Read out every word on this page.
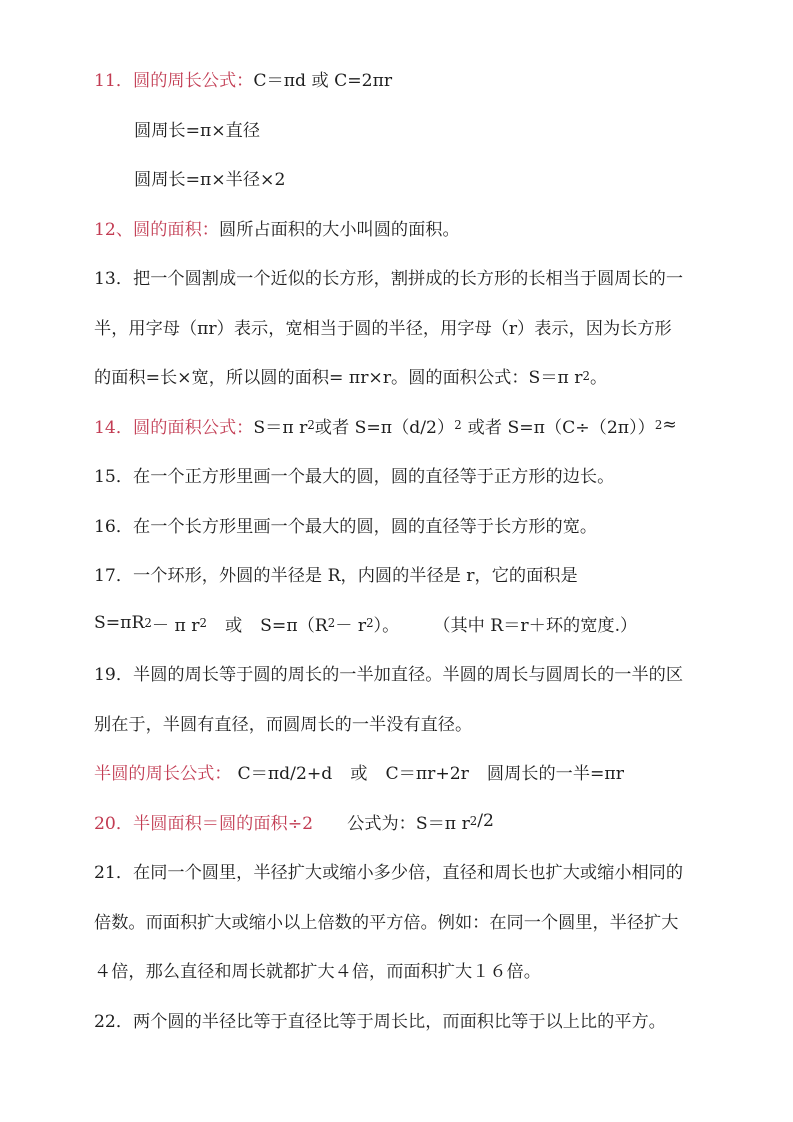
11．圆的周长公式： C＝πd 或 C=2πr
圆周长=π×直径
圆周长=π×半径×2
12、圆的面积： 圆所占面积的大小叫圆的面积。
13．把一个圆割成一个近似的长方形，割拼成的长方形的长相当于圆周长的一
半，用字母（πr）表示，宽相当于圆的半径，用字母（r）表示，因为长方形
的面积=长×宽，所以圆的面积= πr×r。圆的面积公式：S＝π r 2 。
14．圆的面积公式： S＝π r 2 或者 S=π（d/2） 2 或者 S=π（C÷（2π）） 2 ≈
15．在一个正方形里画一个最大的圆，圆的直径等于正方形的边长。
16．在一个长方形里画一个最大的圆，圆的直径等于长方形的宽。
17．一个环形，外圆的半径是 R，内圆的半径是 r，它的面积是
S=πR 2 － π r 2 或 S=π（R 2 － r 2 ）。 （其中 R＝r＋环的宽度.）
19．半圆的周长等于圆的周长的一半加直径。半圆的周长与圆周长的一半的区
别在于，半圆有直径，而圆周长的一半没有直径。
半圆的周长公式： C＝πd/2+d 或 C＝πr+2r 圆周长的一半=πr
20．半圆面积＝圆的面积÷2 公式为：S＝π r 2 /2
21．在同一个圆里，半径扩大或缩小多少倍，直径和周长也扩大或缩小相同的
倍数。而面积扩大或缩小以上倍数的平方倍。例如：在同一个圆里，半径扩大
４倍，那么直径和周长就都扩大４倍，而面积扩大１６倍。
22．两个圆的半径比等于直径比等于周长比，而面积比等于以上比的平方。
